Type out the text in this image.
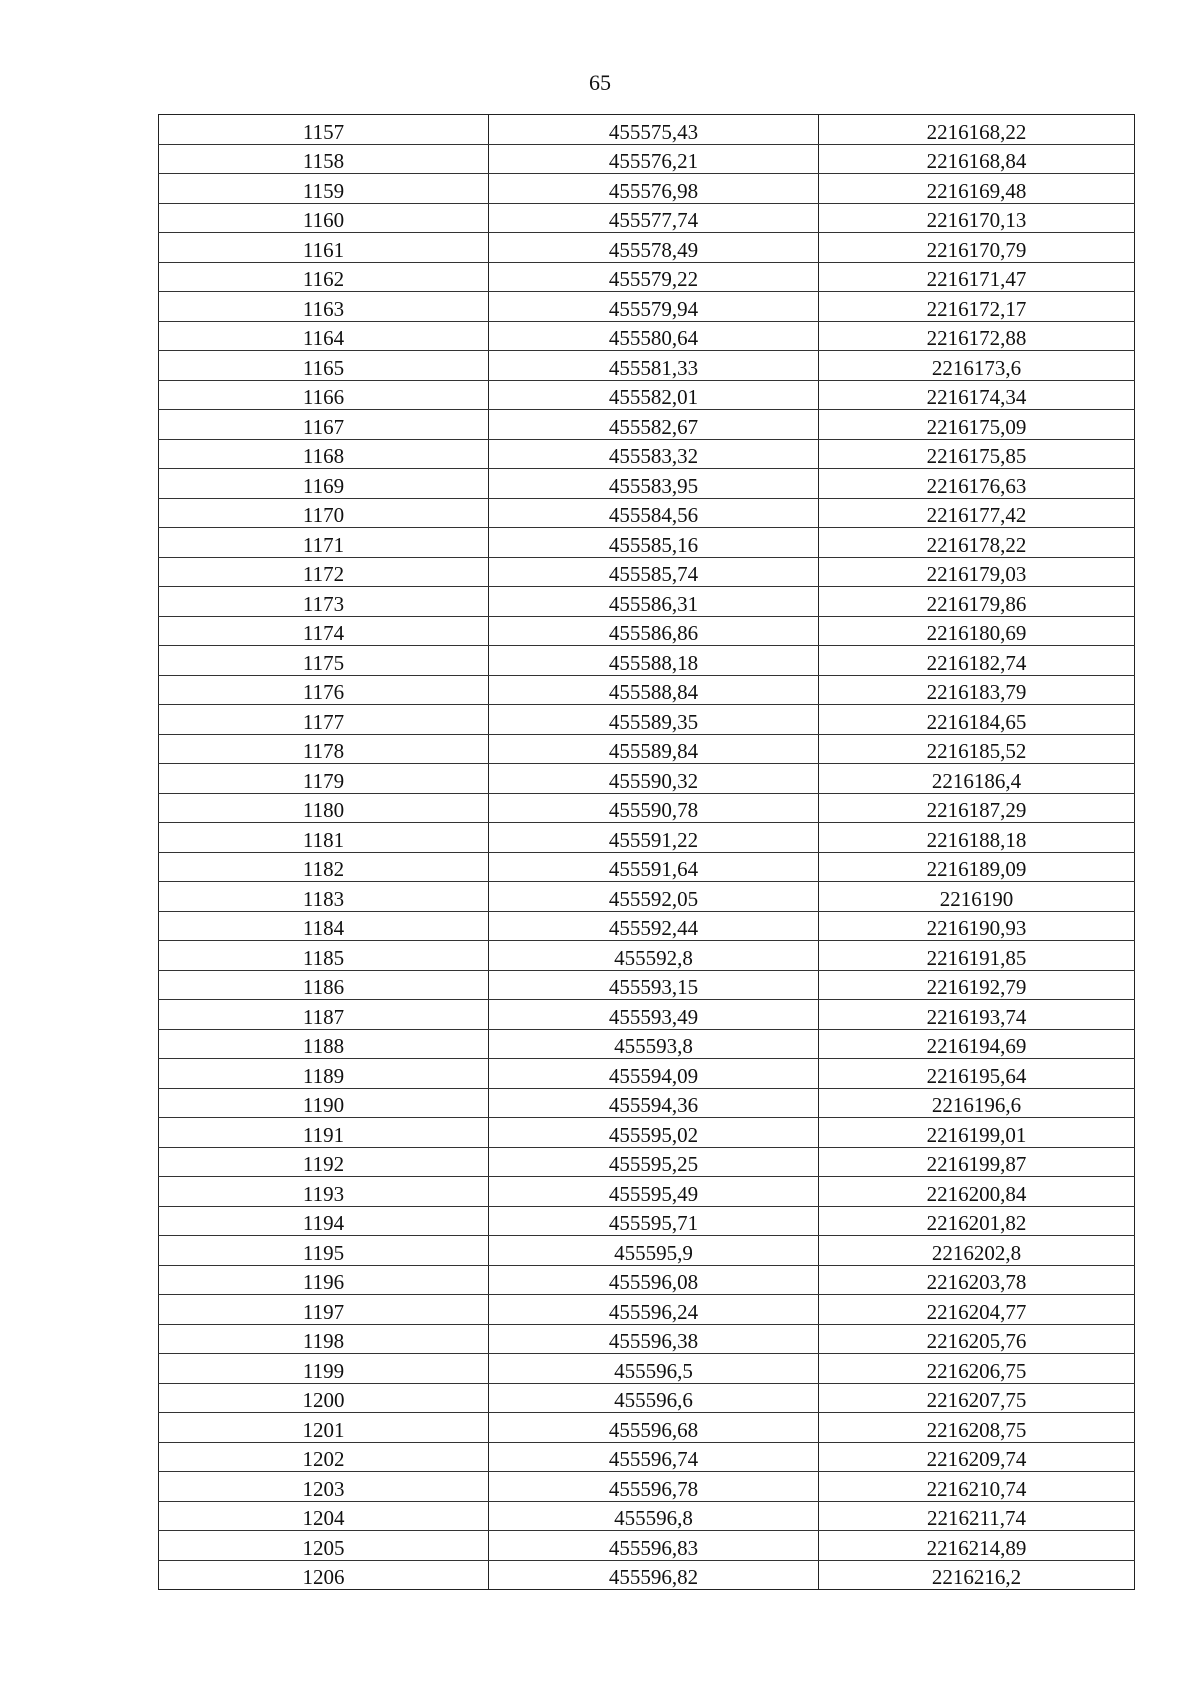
65
1157	455575,43	2216168,22
1158	455576,21	2216168,84
1159	455576,98	2216169,48
1160	455577,74	2216170,13
1161	455578,49	2216170,79
1162	455579,22	2216171,47
1163	455579,94	2216172,17
1164	455580,64	2216172,88
1165	455581,33	2216173,6
1166	455582,01	2216174,34
1167	455582,67	2216175,09
1168	455583,32	2216175,85
1169	455583,95	2216176,63
1170	455584,56	2216177,42
1171	455585,16	2216178,22
1172	455585,74	2216179,03
1173	455586,31	2216179,86
1174	455586,86	2216180,69
1175	455588,18	2216182,74
1176	455588,84	2216183,79
1177	455589,35	2216184,65
1178	455589,84	2216185,52
1179	455590,32	2216186,4
1180	455590,78	2216187,29
1181	455591,22	2216188,18
1182	455591,64	2216189,09
1183	455592,05	2216190
1184	455592,44	2216190,93
1185	455592,8	2216191,85
1186	455593,15	2216192,79
1187	455593,49	2216193,74
1188	455593,8	2216194,69
1189	455594,09	2216195,64
1190	455594,36	2216196,6
1191	455595,02	2216199,01
1192	455595,25	2216199,87
1193	455595,49	2216200,84
1194	455595,71	2216201,82
1195	455595,9	2216202,8
1196	455596,08	2216203,78
1197	455596,24	2216204,77
1198	455596,38	2216205,76
1199	455596,5	2216206,75
1200	455596,6	2216207,75
1201	455596,68	2216208,75
1202	455596,74	2216209,74
1203	455596,78	2216210,74
1204	455596,8	2216211,74
1205	455596,83	2216214,89
1206	455596,82	2216216,2
